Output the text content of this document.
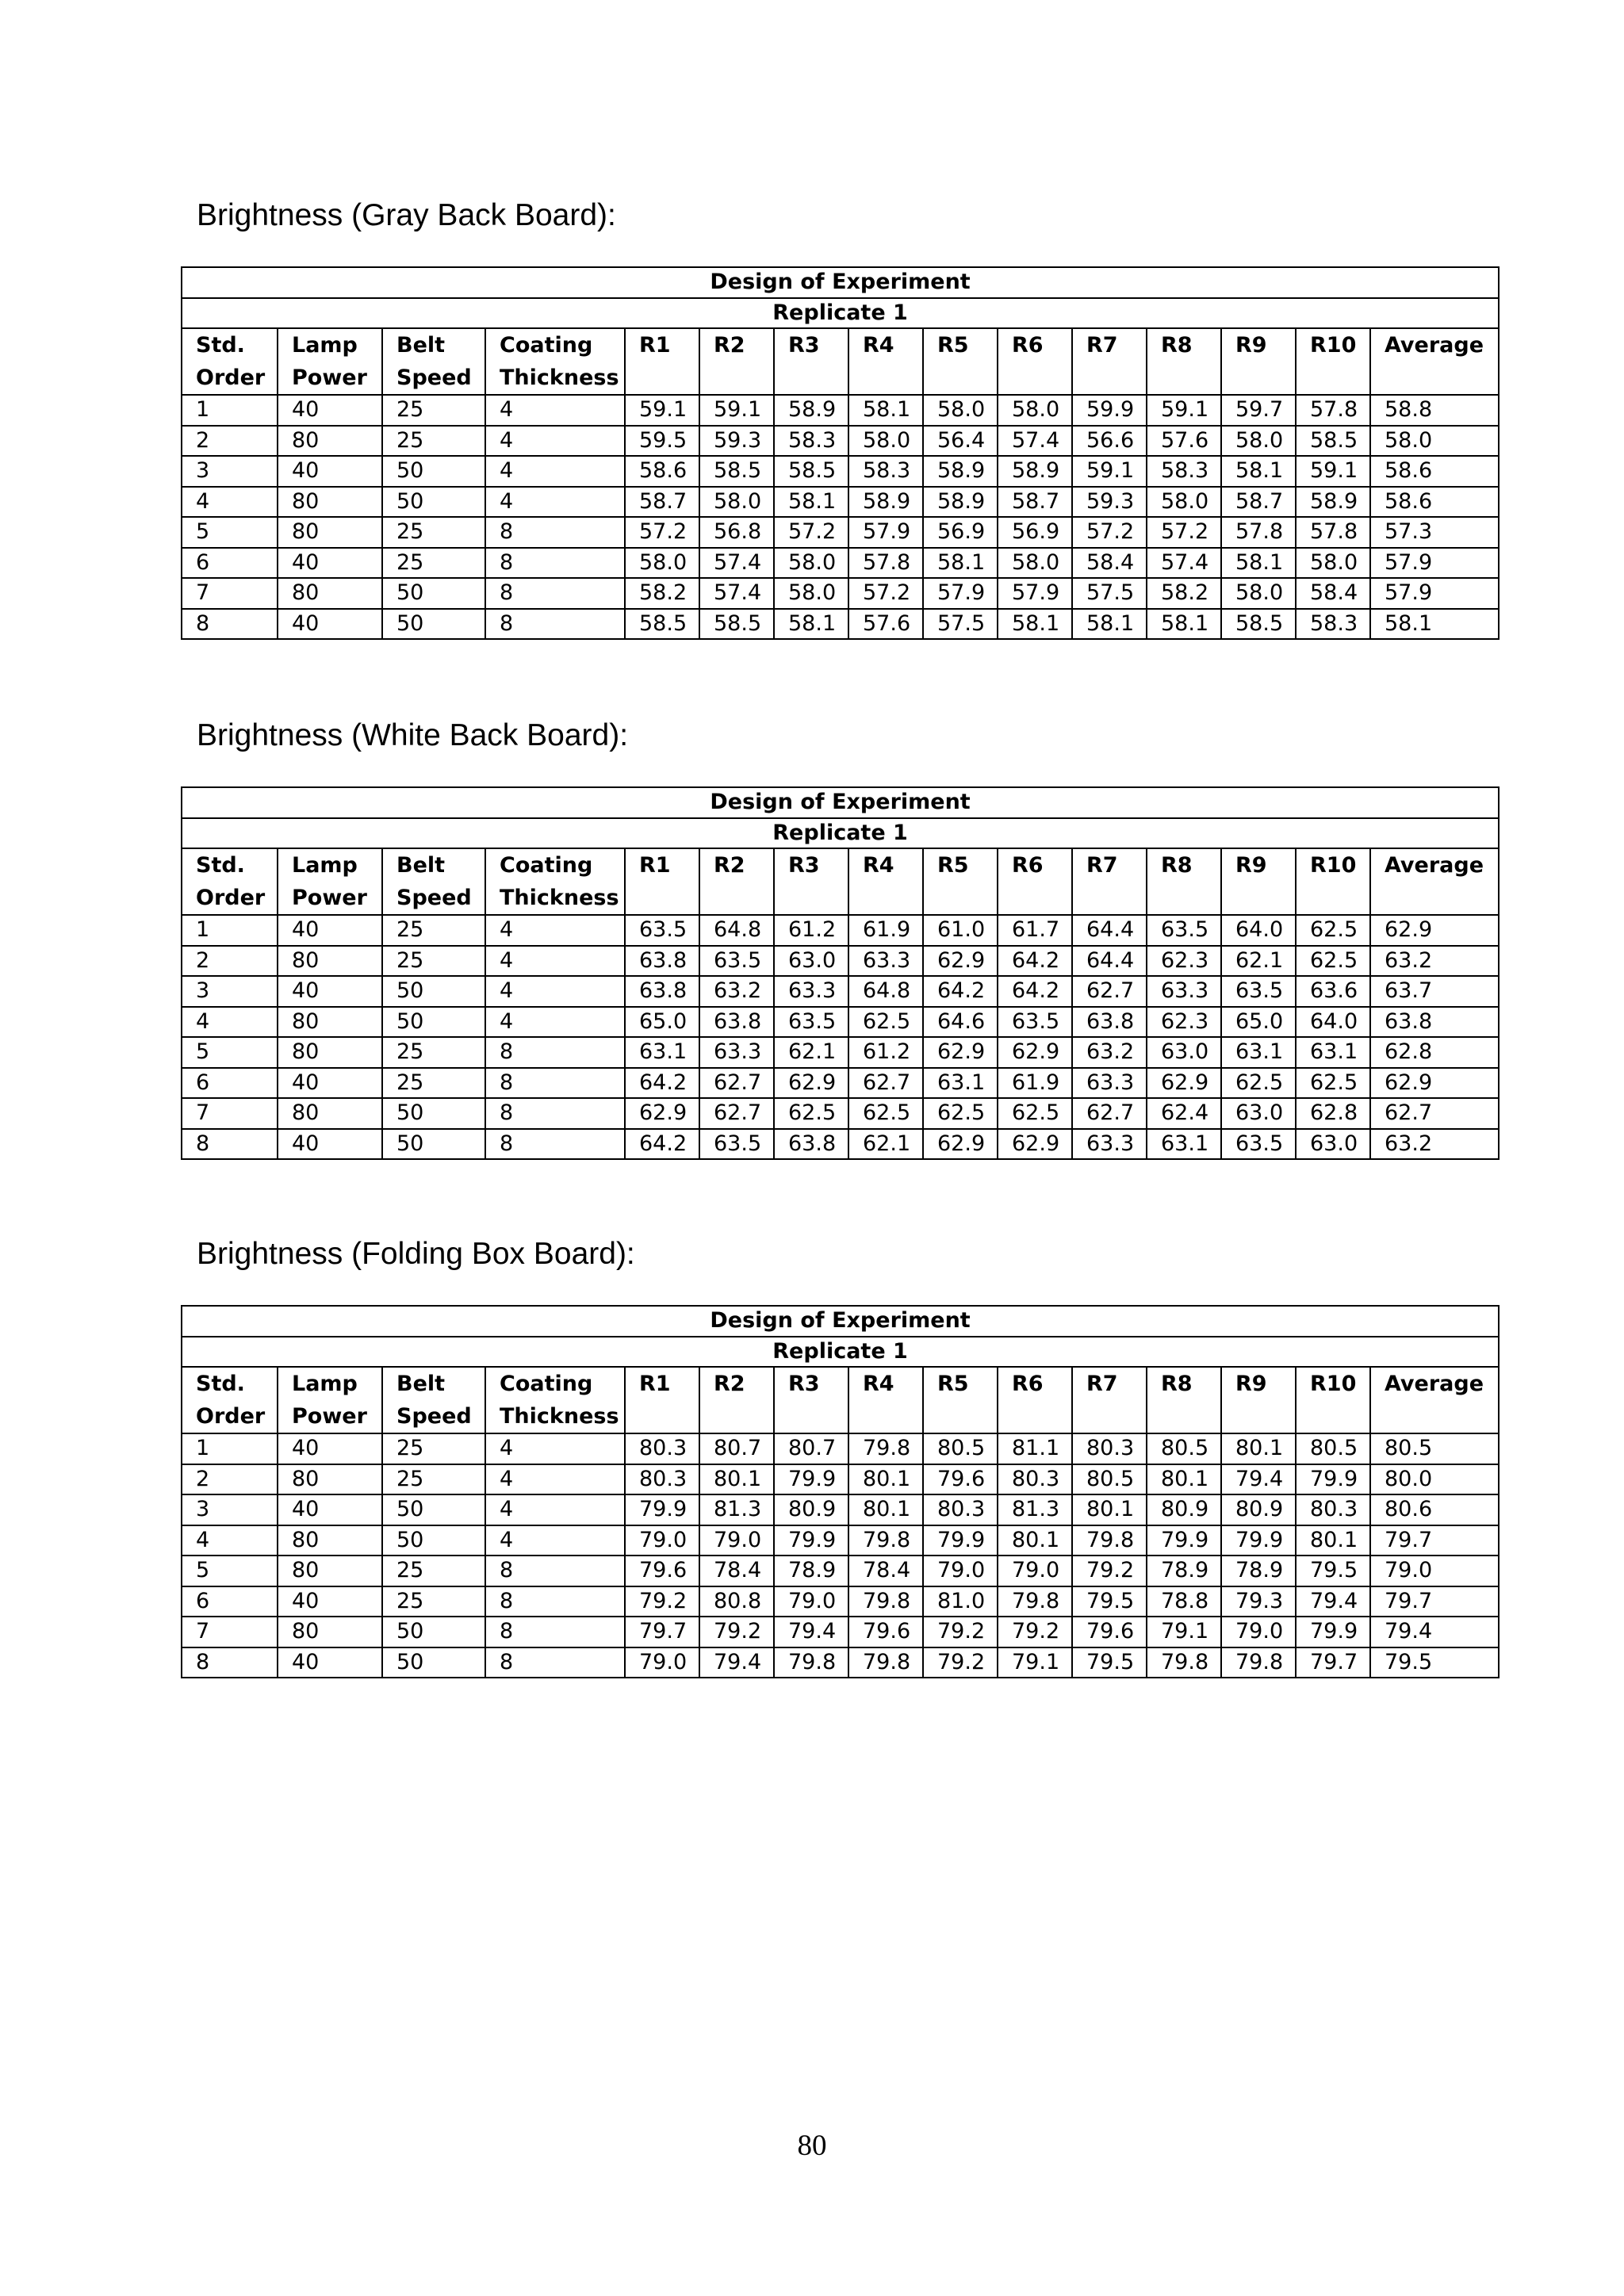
Brightness (Gray Back Board):
Design of Experiment														
Replicate 1														
Std. Order	Lamp Power	Belt Speed	Coating Thickness	R1	R2	R3	R4	R5	R6	R7	R8	R9	R10	Average
1	40	25	4	59.1	59.1	58.9	58.1	58.0	58.0	59.9	59.1	59.7	57.8	58.8
2	80	25	4	59.5	59.3	58.3	58.0	56.4	57.4	56.6	57.6	58.0	58.5	58.0
3	40	50	4	58.6	58.5	58.5	58.3	58.9	58.9	59.1	58.3	58.1	59.1	58.6
4	80	50	4	58.7	58.0	58.1	58.9	58.9	58.7	59.3	58.0	58.7	58.9	58.6
5	80	25	8	57.2	56.8	57.2	57.9	56.9	56.9	57.2	57.2	57.8	57.8	57.3
6	40	25	8	58.0	57.4	58.0	57.8	58.1	58.0	58.4	57.4	58.1	58.0	57.9
7	80	50	8	58.2	57.4	58.0	57.2	57.9	57.9	57.5	58.2	58.0	58.4	57.9
8	40	50	8	58.5	58.5	58.1	57.6	57.5	58.1	58.1	58.1	58.5	58.3	58.1
Brightness (White Back Board):
Design of Experiment														
Replicate 1														
Std. Order	Lamp Power	Belt Speed	Coating Thickness	R1	R2	R3	R4	R5	R6	R7	R8	R9	R10	Average
1	40	25	4	63.5	64.8	61.2	61.9	61.0	61.7	64.4	63.5	64.0	62.5	62.9
2	80	25	4	63.8	63.5	63.0	63.3	62.9	64.2	64.4	62.3	62.1	62.5	63.2
3	40	50	4	63.8	63.2	63.3	64.8	64.2	64.2	62.7	63.3	63.5	63.6	63.7
4	80	50	4	65.0	63.8	63.5	62.5	64.6	63.5	63.8	62.3	65.0	64.0	63.8
5	80	25	8	63.1	63.3	62.1	61.2	62.9	62.9	63.2	63.0	63.1	63.1	62.8
6	40	25	8	64.2	62.7	62.9	62.7	63.1	61.9	63.3	62.9	62.5	62.5	62.9
7	80	50	8	62.9	62.7	62.5	62.5	62.5	62.5	62.7	62.4	63.0	62.8	62.7
8	40	50	8	64.2	63.5	63.8	62.1	62.9	62.9	63.3	63.1	63.5	63.0	63.2
Brightness (Folding Box Board):
Design of Experiment														
Replicate 1														
Std. Order	Lamp Power	Belt Speed	Coating Thickness	R1	R2	R3	R4	R5	R6	R7	R8	R9	R10	Average
1	40	25	4	80.3	80.7	80.7	79.8	80.5	81.1	80.3	80.5	80.1	80.5	80.5
2	80	25	4	80.3	80.1	79.9	80.1	79.6	80.3	80.5	80.1	79.4	79.9	80.0
3	40	50	4	79.9	81.3	80.9	80.1	80.3	81.3	80.1	80.9	80.9	80.3	80.6
4	80	50	4	79.0	79.0	79.9	79.8	79.9	80.1	79.8	79.9	79.9	80.1	79.7
5	80	25	8	79.6	78.4	78.9	78.4	79.0	79.0	79.2	78.9	78.9	79.5	79.0
6	40	25	8	79.2	80.8	79.0	79.8	81.0	79.8	79.5	78.8	79.3	79.4	79.7
7	80	50	8	79.7	79.2	79.4	79.6	79.2	79.2	79.6	79.1	79.0	79.9	79.4
8	40	50	8	79.0	79.4	79.8	79.8	79.2	79.1	79.5	79.8	79.8	79.7	79.5
80
